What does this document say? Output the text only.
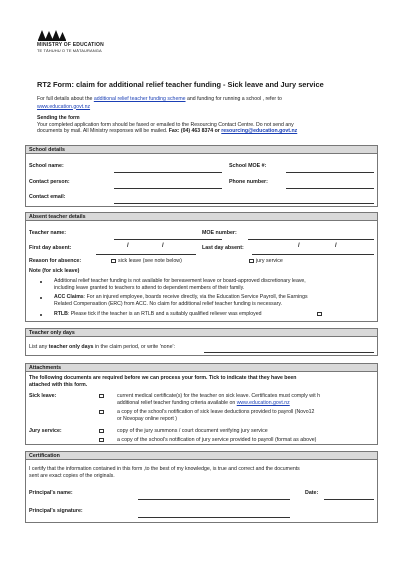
MINISTRY OF EDUCATION
TE TĀHUHU O TE MĀTAURANGA
RT2 Form: claim for additional relief teacher funding - Sick leave and Jury service

For full details about the additional relief teacher funding scheme and funding for running a school , refer to

www.education.govt.nz

Sending the form

Your completed application form should be faxed or emailed to the Resourcing Contact Centre. Do not send any

documents by mail. All Ministry responses will be mailed. Fax: (04) 463 8374 or resourcing@education.govt.nz

School details
School name:	School MOE #:
Contact person:	Phone number:
Contact email:
Absent teacher details
Teacher name:	MOE number:
First day absent:	/	/	Last day absent:	/	/
Reason for absence:	sick leave (see note below)	jury service
Note (for sick leave)
Additional relief teacher funding is not available for bereavement leave or board-approved discretionary leave,
including leave granted to teachers to attend to dependent members of their family.
ACC Claims: For an injured employee, boards receive directly, via the Education Service Payroll, the Earnings
Related Compensation (ERC) from ACC. No claim for additional relief teacher funding is necessary.
RTLB: Please tick if the teacher is an RTLB and a suitably qualified reliever was employed
Teacher only days
List any teacher only days in the claim period, or write 'none':
Attachments
The following documents are required before we can process your form. Tick to indicate that they have been
attached with this form.
Sick leave:	current medical certificate(s) for the teacher on sick leave. Certificates must comply wit h
additional relief teacher funding criteria available on www.education.govt.nz
a copy of the school's notification of sick leave deductions provided to payroll (Novo12
or Novopay online report )
Jury service:	copy of the jury summons / court document verifying jury service
a copy of the school's notification of jury service provided to payroll (format as above)
Certification
I certify that the information contained in this form ,to the best of my knowledge, is true and correct and the documents
sent are exact copies of the originals.
Principal's name:	Date:
Principal's signature:
